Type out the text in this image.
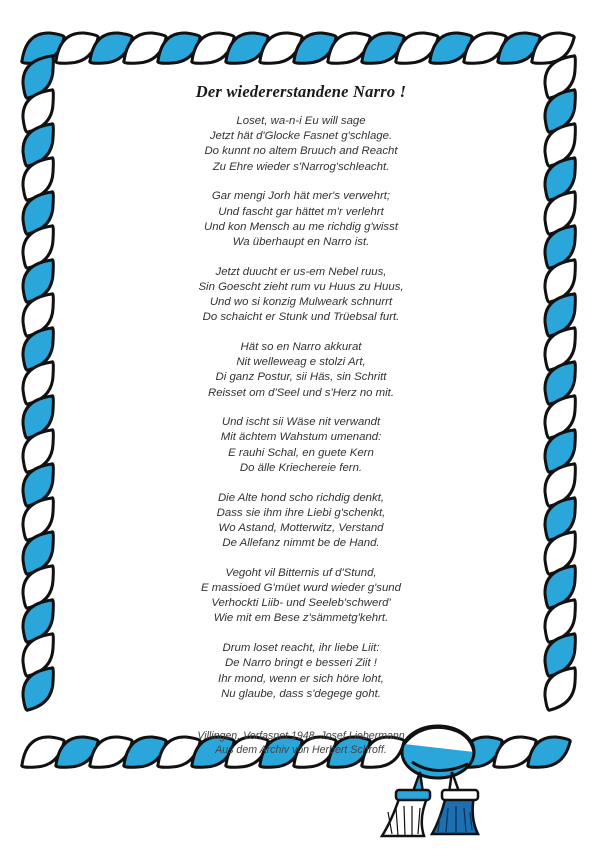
Der wiedererstandene Narro !
Loset, wa-n-i Eu will sage
Jetzt hät d'Glocke Fasnet g'schlage.
Do kunnt no altem Bruuch and Reacht
Zu Ehre wieder s'Narrog'schleacht.
Gar mengi Jorh hät mer's verwehrt;
Und fascht gar hättet m'r verlehrt
Und kon Mensch au me richdig g'wisst
Wa überhaupt en Narro ist.
Jetzt duucht er us-em Nebel ruus,
Sin Goescht zieht rum vu Huus zu Huus,
Und wo si konzig Mulweark schnurrt
Do schaicht er Stunk und Trüebsal furt.
Hät so en Narro akkurat
Nit welleweag e stolzi Art,
Di ganz Postur, sii Häs, sin Schritt
Reisset om d'Seel und s'Herz no mit.
Und ischt sii Wäse nit verwandt
Mit ächtem Wahstum umenand:
E rauhi Schal, en guete Kern
Do älle Kriechereie fern.
Die Alte hond scho richdig denkt,
Dass sie ihm ihre Liebi g'schenkt,
Wo Astand, Motterwitz, Verstand
De Allefanz nimmt be de Hand.
Vegoht vil Bitternis uf d'Stund,
E massioed G'müet wurd wieder g'sund
Verhockti Liib- und Seeleb'schwerd'
Wie mit em Bese z'sämmetg'kehrt.
Drum loset reacht, ihr liebe Liit:
De Narro bringt e besseri Ziit !
Ihr mond, wenn er sich höre loht,
Nu glaube, dass s'degege goht.
Villingen, Vorfasnet 1948. Josef Liebermann
Aus dem Archiv von Herbert Schroff.
